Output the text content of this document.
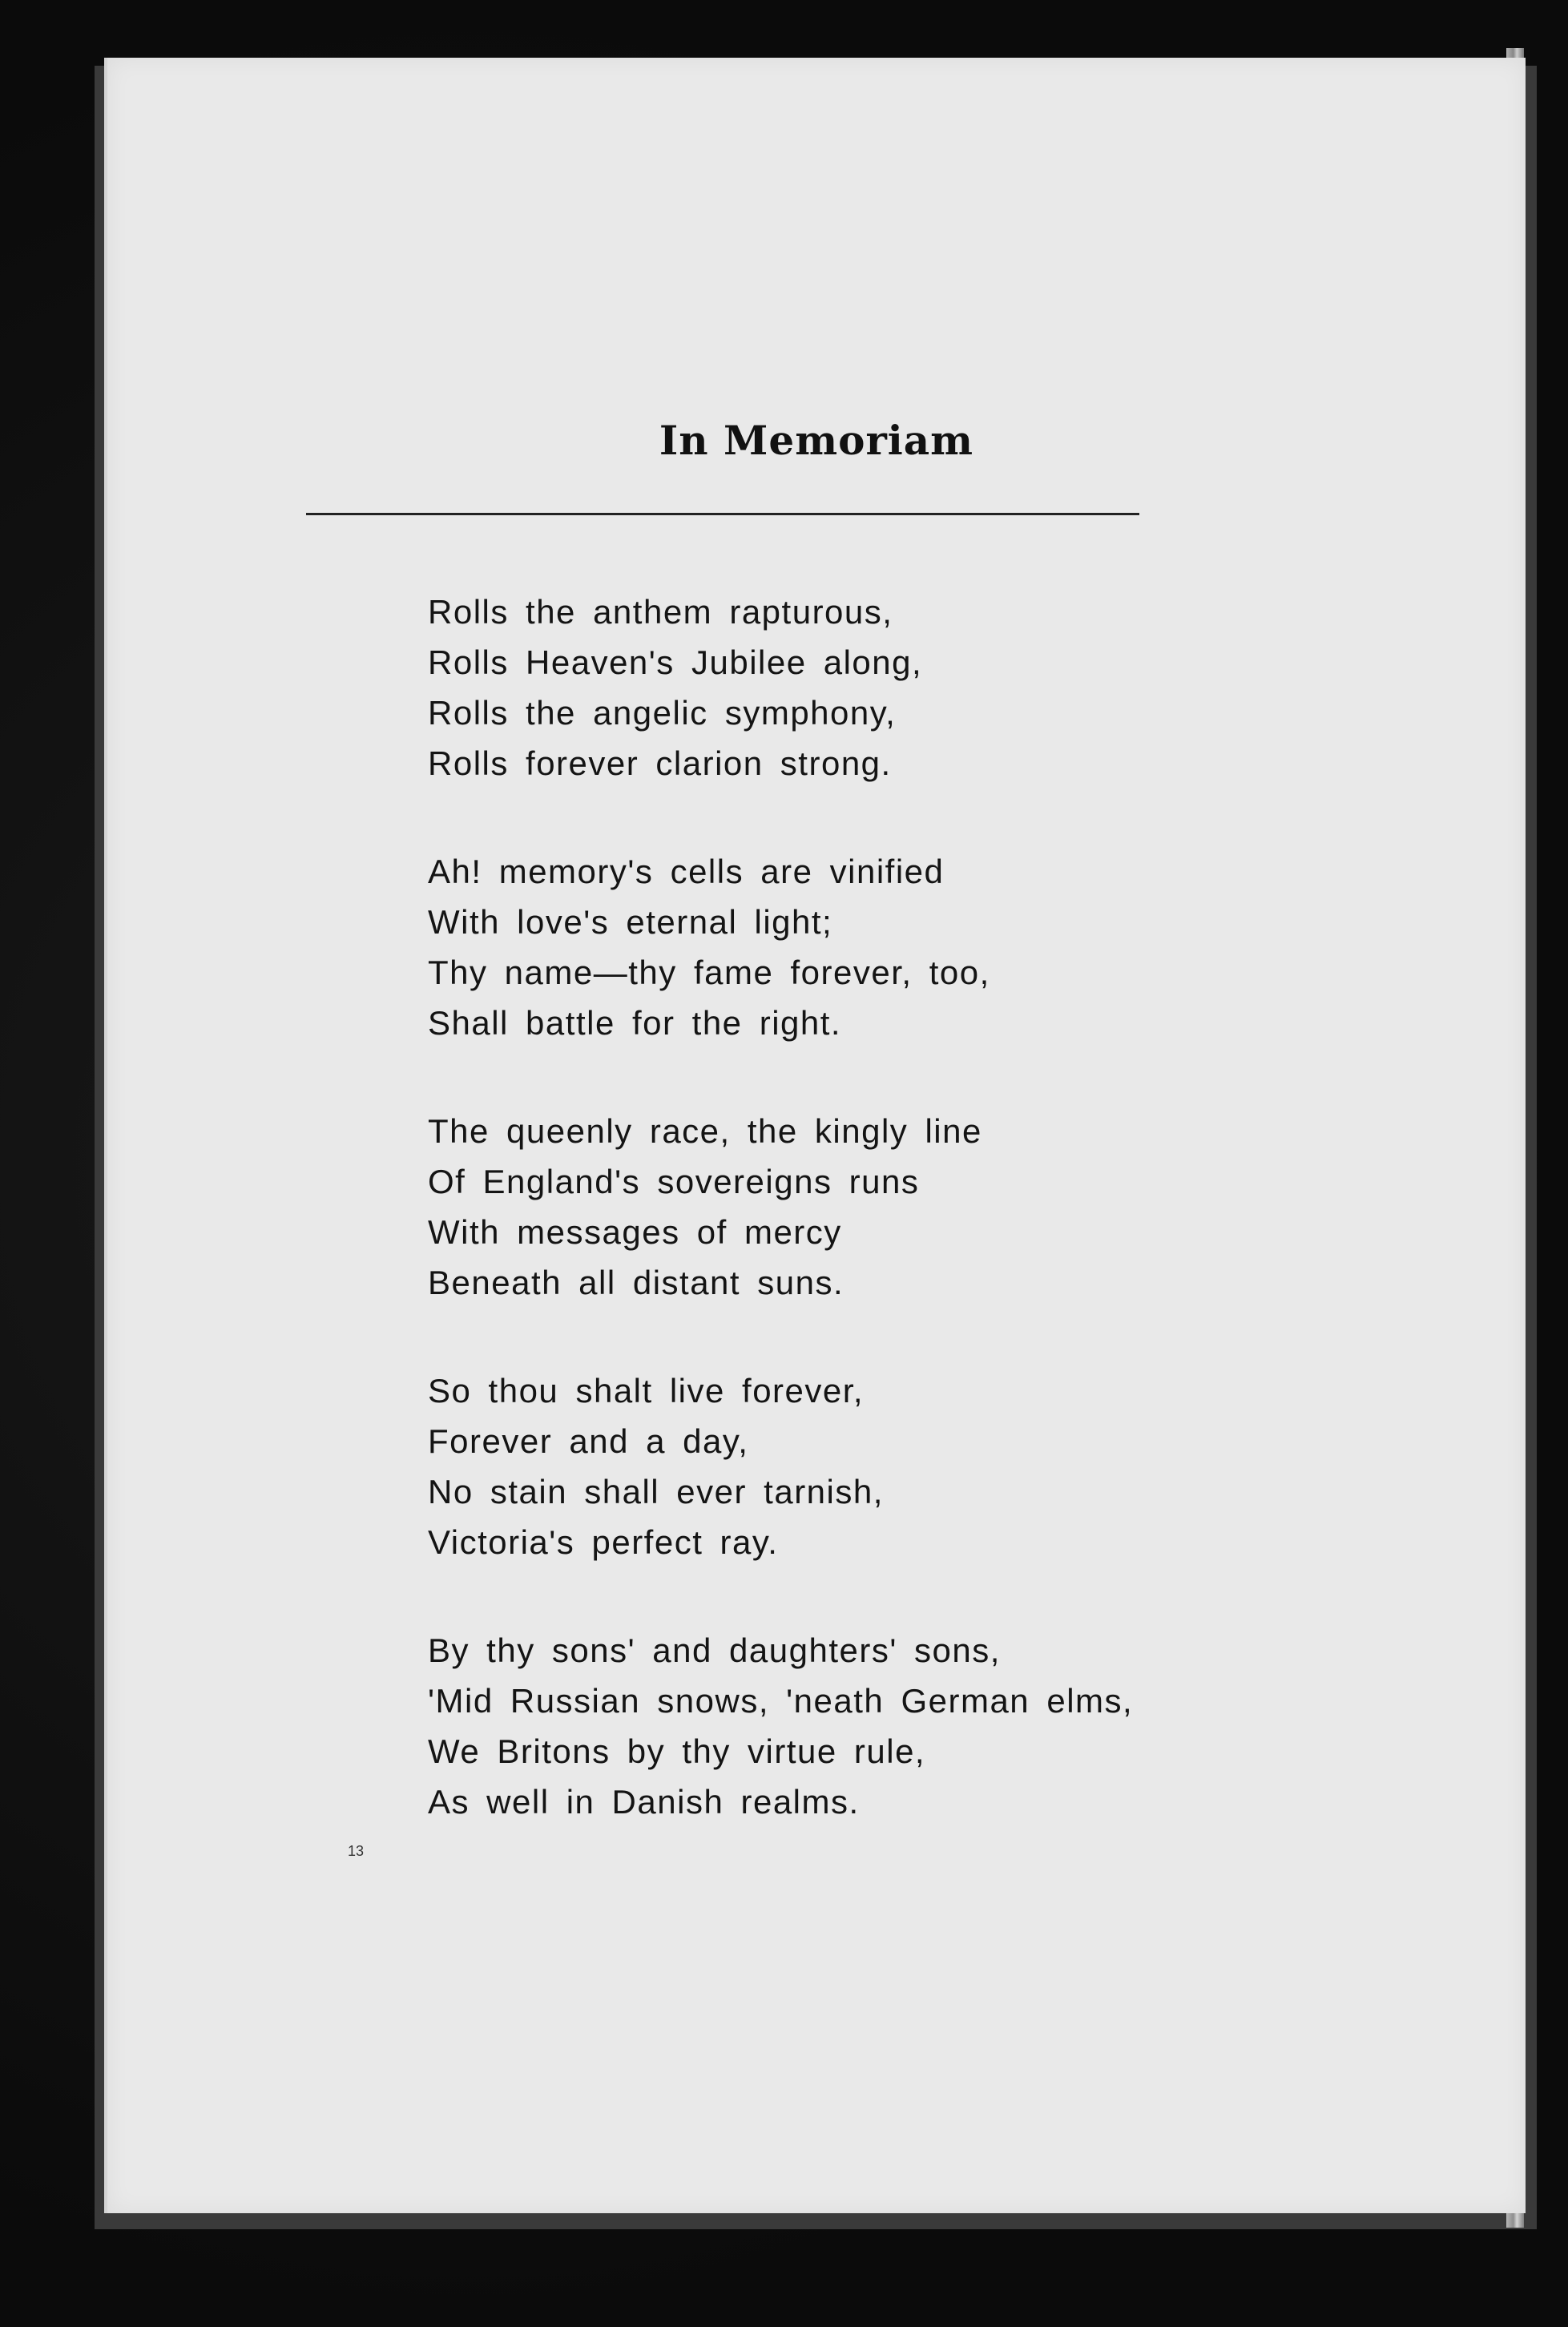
In Memoriam
Rolls the anthem rapturous,
Rolls Heaven's Jubilee along,
Rolls the angelic symphony,
Rolls forever clarion strong.
Ah! memory's cells are vinified
With love's eternal light;
Thy name—thy fame forever, too,
Shall battle for the right.
The queenly race, the kingly line
Of England's sovereigns runs
With messages of mercy
Beneath all distant suns.
So thou shalt live forever,
Forever and a day,
No stain shall ever tarnish,
Victoria's perfect ray.
By thy sons' and daughters' sons,
'Mid Russian snows, 'neath German elms,
We Britons by thy virtue rule,
As well in Danish realms.
13
